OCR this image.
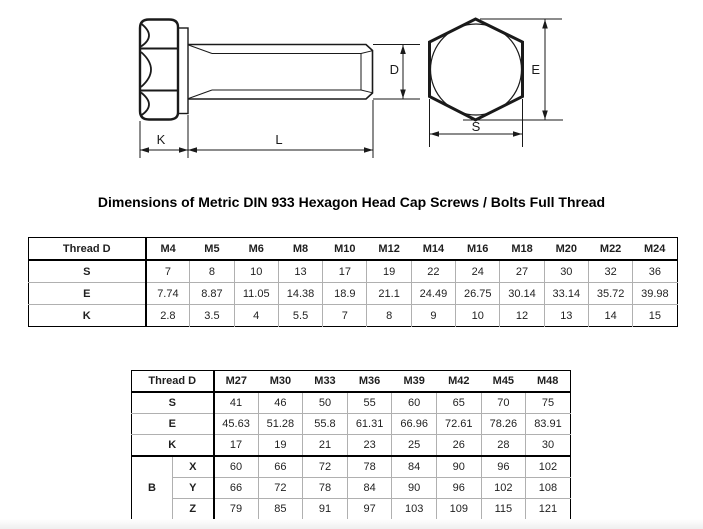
K	L
D	E
S
Dimensions of Metric DIN 933 Hexagon Head Cap Screws / Bolts Full Thread
Thread D	M4	M5	M6	M8	M10	M12	M14	M16	M18	M20	M22	M24
S	7	8	10	13	17	19	22	24	27	30	32	36
E	7.74	8.87	11.05	14.38	18.9	21.1	24.49	26.75	30.14	33.14	35.72	39.98
K	2.8	3.5	4	5.5	7	8	9	10	12	13	14	15
Thread D		M27	M30	M33	M36	M39	M42	M45	M48
S		41	46	50	55	60	65	70	75
E		45.63	51.28	55.8	61.31	66.96	72.61	78.26	83.91
K		17	19	21	23	25	26	28	30
B	X	60	66	72	78	84	90	96	102
	Y	66	72	78	84	90	96	102	108
	Z	79	85	91	97	103	109	115	121
